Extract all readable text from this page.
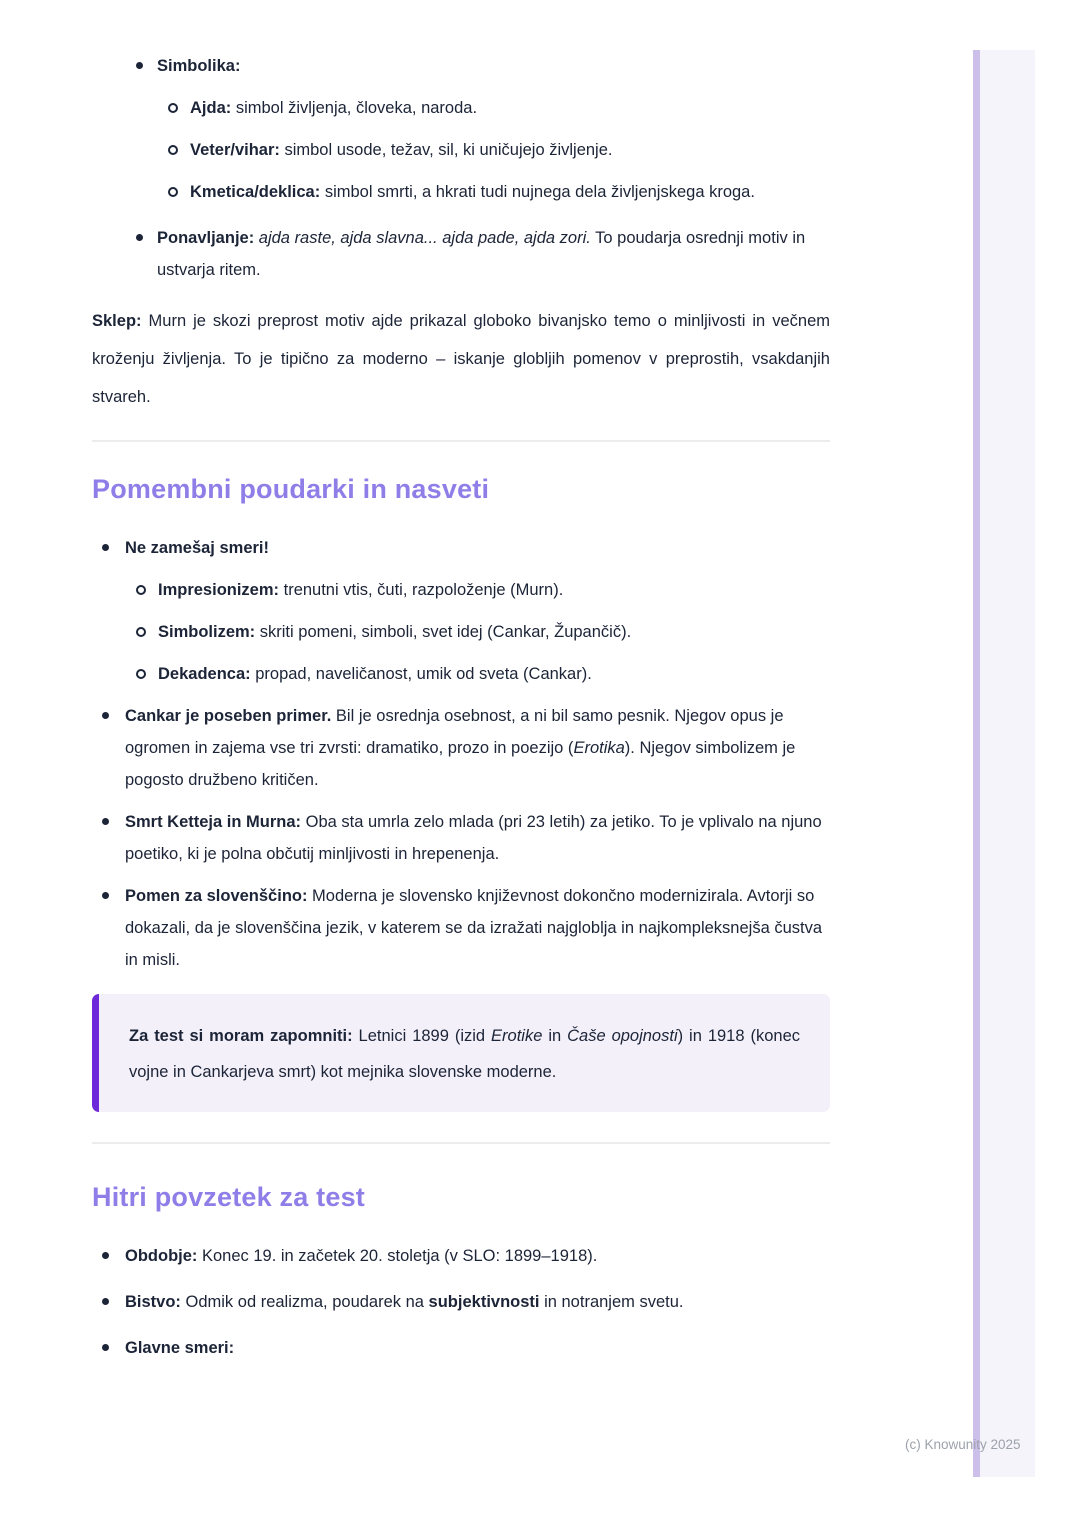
Simbolika:
Ajda: simbol življenja, človeka, naroda.
Veter/vihar: simbol usode, težav, sil, ki uničujejo življenje.
Kmetica/deklica: simbol smrti, a hkrati tudi nujnega dela življenjskega kroga.
Ponavljanje: ajda raste, ajda slavna... ajda pade, ajda zori. To poudarja osrednji motiv in ustvarja ritem.

Sklep: Murn je skozi preprost motiv ajde prikazal globoko bivanjsko temo o minljivosti in večnem kroženju življenja. To je tipično za moderno – iskanje globljih pomenov v preprostih, vsakdanjih stvareh.

Pomembni poudarki in nasveti
Ne zamešaj smeri!
Impresionizem: trenutni vtis, čuti, razpoloženje (Murn).
Simbolizem: skriti pomeni, simboli, svet idej (Cankar, Župančič).
Dekadenca: propad, naveličanost, umik od sveta (Cankar).
Cankar je poseben primer. Bil je osrednja osebnost, a ni bil samo pesnik. Njegov opus je ogromen in zajema vse tri zvrsti: dramatiko, prozo in poezijo (Erotika). Njegov simbolizem je pogosto družbeno kritičen.
Smrt Ketteja in Murna: Oba sta umrla zelo mlada (pri 23 letih) za jetiko. To je vplivalo na njuno poetiko, ki je polna občutij minljivosti in hrepenenja.
Pomen za slovenščino: Moderna je slovensko književnost dokončno modernizirala. Avtorji so dokazali, da je slovenščina jezik, v katerem se da izražati najgloblja in najkompleksnejša čustva in misli.
Za test si moram zapomniti: Letnici 1899 (izid Erotike in Čaše opojnosti) in 1918 (konec vojne in Cankarjeva smrt) kot mejnika slovenske moderne.
Hitri povzetek za test
Obdobje: Konec 19. in začetek 20. stoletja (v SLO: 1899–1918).
Bistvo: Odmik od realizma, poudarek na subjektivnosti in notranjem svetu.
Glavne smeri:
(c) Knowunity 2025
